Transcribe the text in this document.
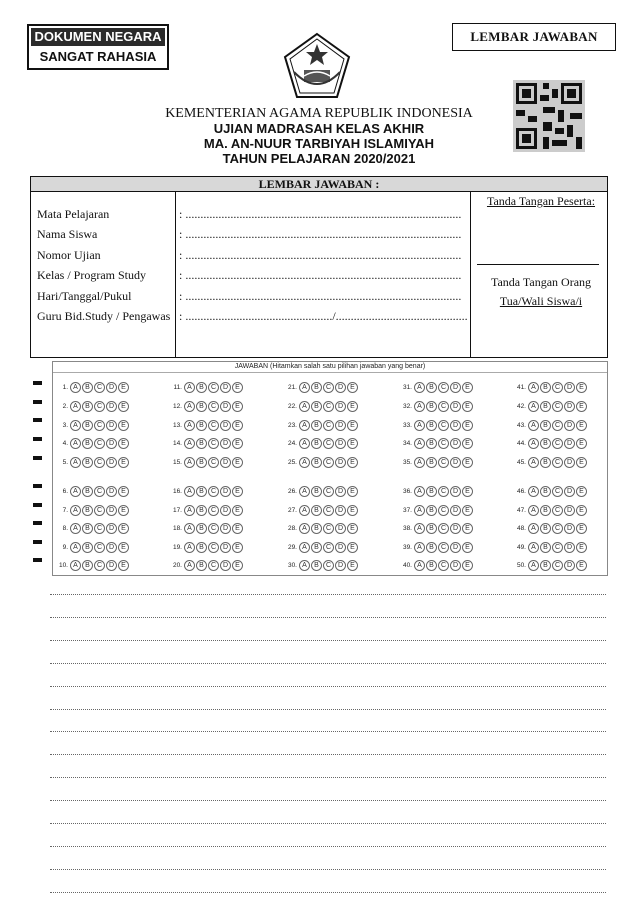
DOKUMEN NEGARA
SANGAT RAHASIA
LEMBAR JAWABAN
KEMENTERIAN AGAMA REPUBLIK INDONESIA
UJIAN MADRASAH KELAS AKHIR
MA. AN-NUUR TARBIYAH ISLAMIYAH
TAHUN PELAJARAN 2020/2021
LEMBAR JAWABAN :
Mata Pelajaran	: ............................................................................................
Nama Siswa	: ............................................................................................
Nomor Ujian	: ............................................................................................
Kelas / Program Study	: ............................................................................................
Hari/Tanggal/Pukul	: ............................................................................................
Guru Bid.Study / Pengawas : ................................................./............................................
Tanda Tangan Peserta:
Tanda Tangan Orang
Tua/Wali Siswa/i
JAWABAN (Hitamkan salah satu pilihan jawaban yang benar)
1. A	B	C D	E
2. A	B	C D	E
3. A	B	C D	E
4. A	B	C D	E
5. A	B	C D	E
6. A	B	C D	E
7. A	B	C D	E
8. A	B	C D	E
9. A	B	C D	E
10. A	B	C D	E
11. A	B	C D	E
12. A	B	C D	E
13. A	B	C D	E
14. A	B	C D	E
15. A	B	C D	E
16. A	B	C D	E
17. A	B	C D	E
18. A	B	C D	E
19. A	B	C D	E
20. A	B	C D	E
21. A	B	C D	E
22. A	B	C D	E
23. A	B	C D	E
24. A	B	C D	E
25. A	B	C D	E
26. A	B	C D	E
27. A	B	C D	E
28. A	B	C D	E
29. A	B	C D	E
30. A	B	C D	E
31. A	B	C D	E
32. A	B	C D	E
33. A	B	C D	E
34. A	B	C D	E
35. A	B	C D	E
36. A	B	C D	E
37. A	B	C D	E
38. A	B	C D	E
39. A	B	C D	E
40. A	B	C D	E
41. A	B	C D	E
42. A	B	C D	E
43. A	B	C D	E
44. A	B	C D	E
45. A	B	C D	E
46. A	B	C D	E
47. A	B	C D	E
48. A	B	C D	E
49. A	B	C D	E
50. A	B	C D	E
